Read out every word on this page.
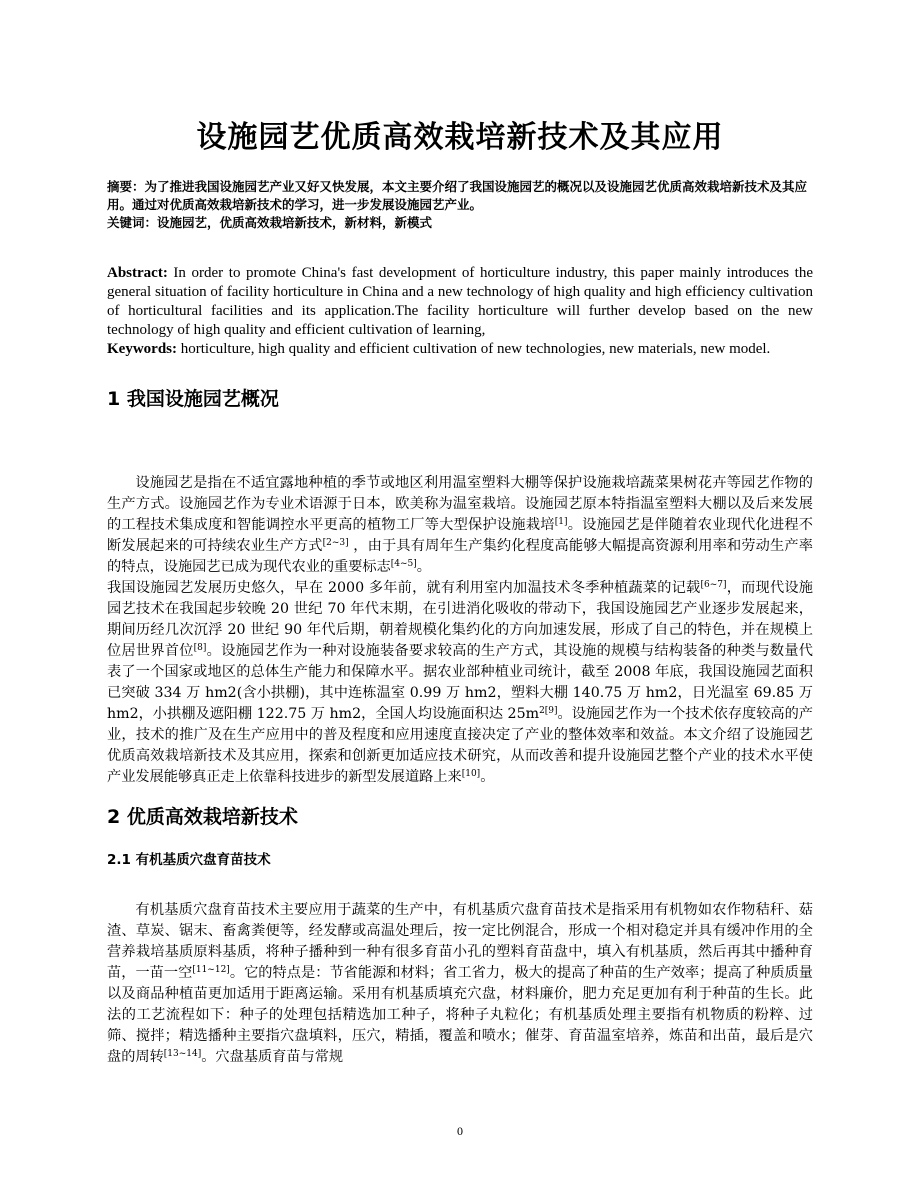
设施园艺优质高效栽培新技术及其应用

摘要：为了推进我国设施园艺产业又好又快发展，本文主要介绍了我国设施园艺的概况以及设施园艺优质高效栽培新技术及其应用。通过对优质高效栽培新技术的学习，进一步发展设施园艺产业。

关键词：设施园艺，优质高效栽培新技术，新材料，新模式

Abstract: In order to promote China's fast development of horticulture industry, this paper mainly introduces the general situation of facility horticulture in China and a new technology of high quality and high efficiency cultivation of horticultural facilities and its application.The facility horticulture will further develop based on the new technology of high quality and efficient cultivation of learning,

Keywords: horticulture, high quality and efficient cultivation of new technologies, new materials, new model.

1 我国设施园艺概况

设施园艺是指在不适宜露地种植的季节或地区利用温室塑料大棚等保护设施栽培蔬菜果树花卉等园艺作物的生产方式。设施园艺作为专业术语源于日本，欧美称为温室栽培。设施园艺原本特指温室塑料大棚以及后来发展的工程技术集成度和智能调控水平更高的植物工厂等大型保护设施栽培[1]。设施园艺是伴随着农业现代化进程不断发展起来的可持续农业生产方式[2~3] ，由于具有周年生产集约化程度高能够大幅提高资源利用率和劳动生产率的特点，设施园艺已成为现代农业的重要标志[4~5]。

我国设施园艺发展历史悠久，早在 2000 多年前，就有利用室内加温技术冬季种植蔬菜的记载[6~7]，而现代设施园艺技术在我国起步较晚 20 世纪 70 年代末期，在引进消化吸收的带动下，我国设施园艺产业逐步发展起来，期间历经几次沉浮 20 世纪 90 年代后期，朝着规模化集约化的方向加速发展，形成了自己的特色，并在规模上位居世界首位[8]。设施园艺作为一种对设施装备要求较高的生产方式，其设施的规模与结构装备的种类与数量代表了一个国家或地区的总体生产能力和保障水平。据农业部种植业司统计，截至 2008 年底，我国设施园艺面积已突破 334 万 hm2(含小拱棚)，其中连栋温室 0.99 万 hm2，塑料大棚 140.75 万 hm2，日光温室 69.85 万 hm2，小拱棚及遮阳棚 122.75 万 hm2，全国人均设施面积达 $25m^{2[9]}$。设施园艺作为一个技术依存度较高的产业，技术的推广及在生产应用中的普及程度和应用速度直接决定了产业的整体效率和效益。本文介绍了设施园艺优质高效栽培新技术及其应用，探索和创新更加适应技术研究，从而改善和提升设施园艺整个产业的技术水平使产业发展能够真正走上依靠科技进步的新型发展道路上来[10]。

2 优质高效栽培新技术
2.1 有机基质穴盘育苗技术

有机基质穴盘育苗技术主要应用于蔬菜的生产中，有机基质穴盘育苗技术是指采用有机物如农作物秸秆、菇渣、草炭、锯末、畜禽粪便等，经发酵或高温处理后，按一定比例混合，形成一个相对稳定并具有缓冲作用的全营养栽培基质原料基质，将种子播种到一种有很多育苗小孔的塑料育苗盘中，填入有机基质，然后再其中播种育苗，一苗一空[11~12]。它的特点是：节省能源和材料；省工省力，极大的提高了种苗的生产效率；提高了种质质量以及商品种植苗更加适用于距离运输。采用有机基质填充穴盘，材料廉价，肥力充足更加有利于种苗的生长。此法的工艺流程如下：种子的处理包括精选加工种子，将种子丸粒化；有机基质处理主要指有机物质的粉粹、过筛、搅拌；精选播种主要指穴盘填料，压穴，精插，覆盖和喷水；催芽、育苗温室培养，炼苗和出苗，最后是穴盘的周转[13~14]。穴盘基质育苗与常规

0
